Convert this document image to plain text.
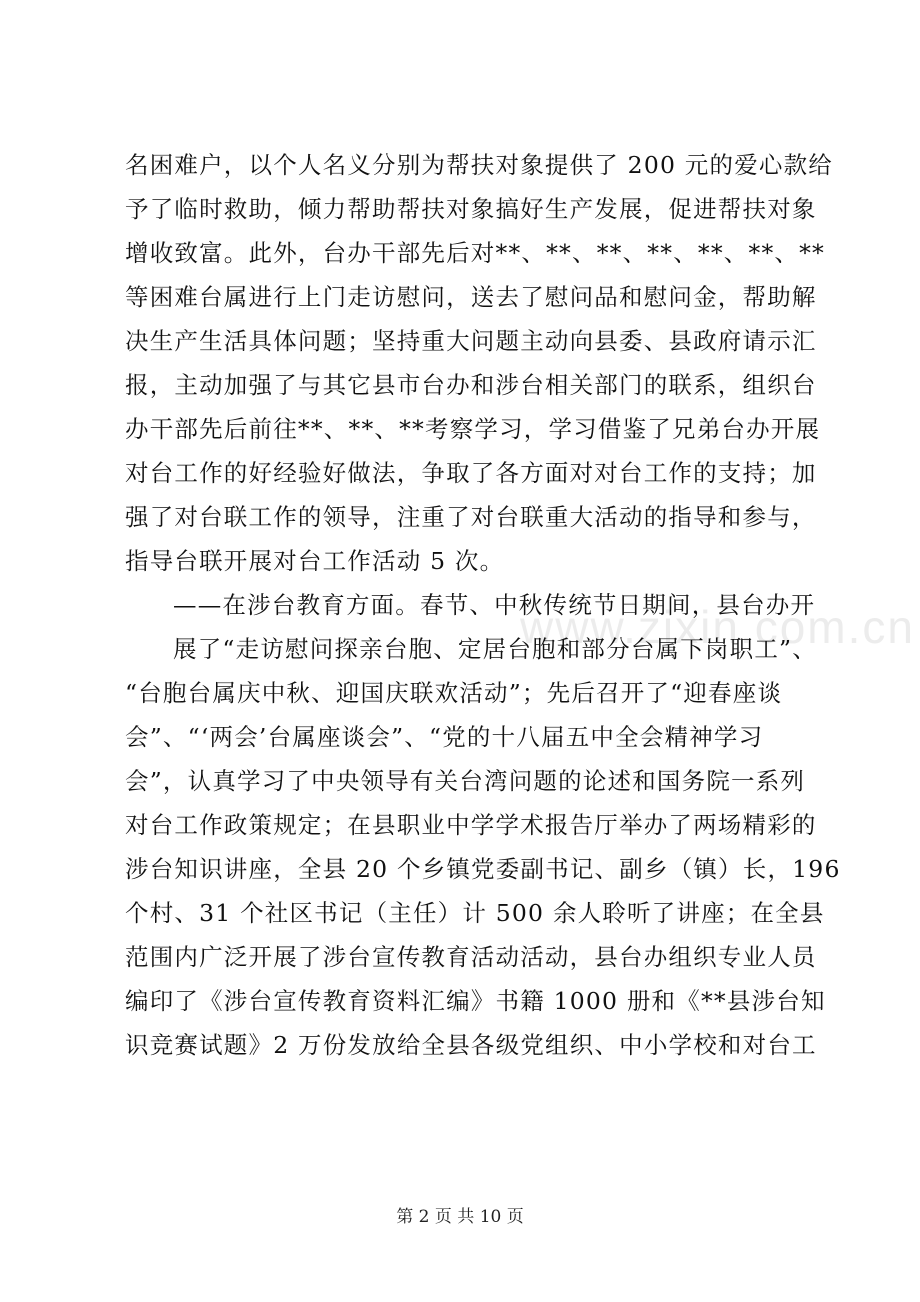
www.zixin.com.cn
名困难户，以个人名义分别为帮扶对象提供了 200 元的爱心款给
予了临时救助，倾力帮助帮扶对象搞好生产发展，促进帮扶对象
增收致富。此外，台办干部先后对**、**、**、**、**、**、**
等困难台属进行上门走访慰问，送去了慰问品和慰问金，帮助解
决生产生活具体问题；坚持重大问题主动向县委、县政府请示汇
报，主动加强了与其它县市台办和涉台相关部门的联系，组织台
办干部先后前往**、**、**考察学习，学习借鉴了兄弟台办开展
对台工作的好经验好做法，争取了各方面对对台工作的支持；加
强了对台联工作的领导，注重了对台联重大活动的指导和参与，
指导台联开展对台工作活动 5 次。
——在涉台教育方面。春节、中秋传统节日期间，县台办开
展了“走访慰问探亲台胞、定居台胞和部分台属下岗职工”、
“台胞台属庆中秋、迎国庆联欢活动”；先后召开了“迎春座谈
会”、“‘两会’台属座谈会”、“党的十八届五中全会精神学习
会”，认真学习了中央领导有关台湾问题的论述和国务院一系列
对台工作政策规定；在县职业中学学术报告厅举办了两场精彩的
涉台知识讲座，全县 20 个乡镇党委副书记、副乡（镇）长，196
个村、31 个社区书记（主任）计 500 余人聆听了讲座；在全县
范围内广泛开展了涉台宣传教育活动活动，县台办组织专业人员
编印了《涉台宣传教育资料汇编》书籍 1000 册和《**县涉台知
识竞赛试题》2 万份发放给全县各级党组织、中小学校和对台工
第 2 页 共 10 页
